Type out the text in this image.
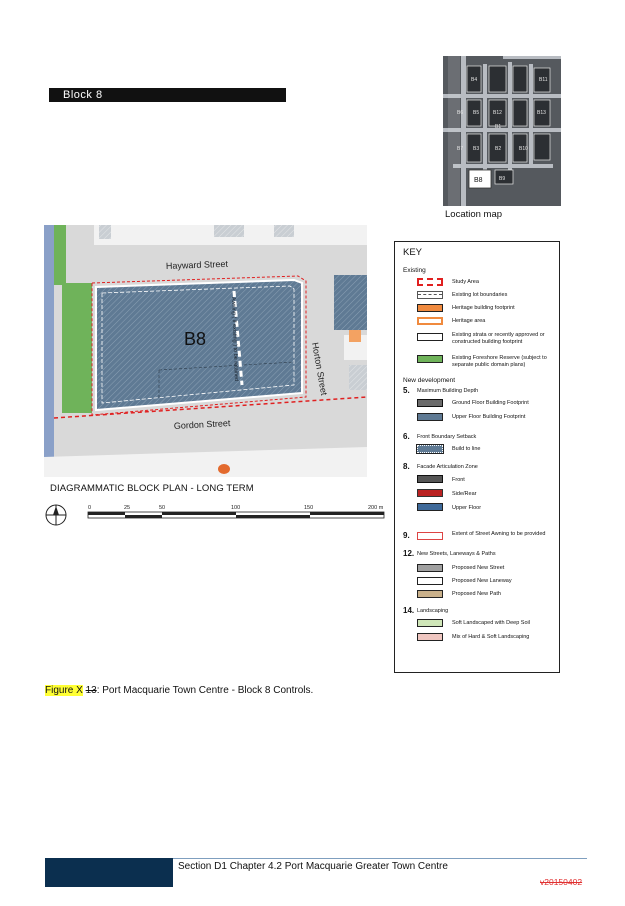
Block 8
B4	B11
B6 B5	B12	B13
B7 B3	B10
B2
B1
B9
B8
Location map
Hayward Street
Gordon Street
Horton Street
B8	Awning ( if existing ) to be retained
DIAGRAMMATIC BLOCK PLAN - LONG TERM
0	25	50	100	150	200 m
KEY
Existing
Study Area
Existing lot boundaries
Heritage building footprint
Heritage area
Existing strata or recently approved or constructed building footprint
Existing Foreshore Reserve (subject to separate public domain plans)
New development
5. Maximum Building Depth
Ground Floor Building Footprint
Upper Floor Building Footprint
6. Front Boundary Setback
Build to line
8. Facade Articulation Zone
Front
Side/Rear
Upper Floor
9.	Extent of Street Awning to be provided
12. New Streets, Laneways & Paths
Proposed New Street
Proposed New Laneway
Proposed New Path
14. Landscaping
Soft Landscaped with Deep Soil
Mix of Hard & Soft Landscaping
Figure X 13: Port Macquarie Town Centre - Block 8 Controls.
Section D1 Chapter 4.2 Port Macquarie Greater Town Centre
v20150402
